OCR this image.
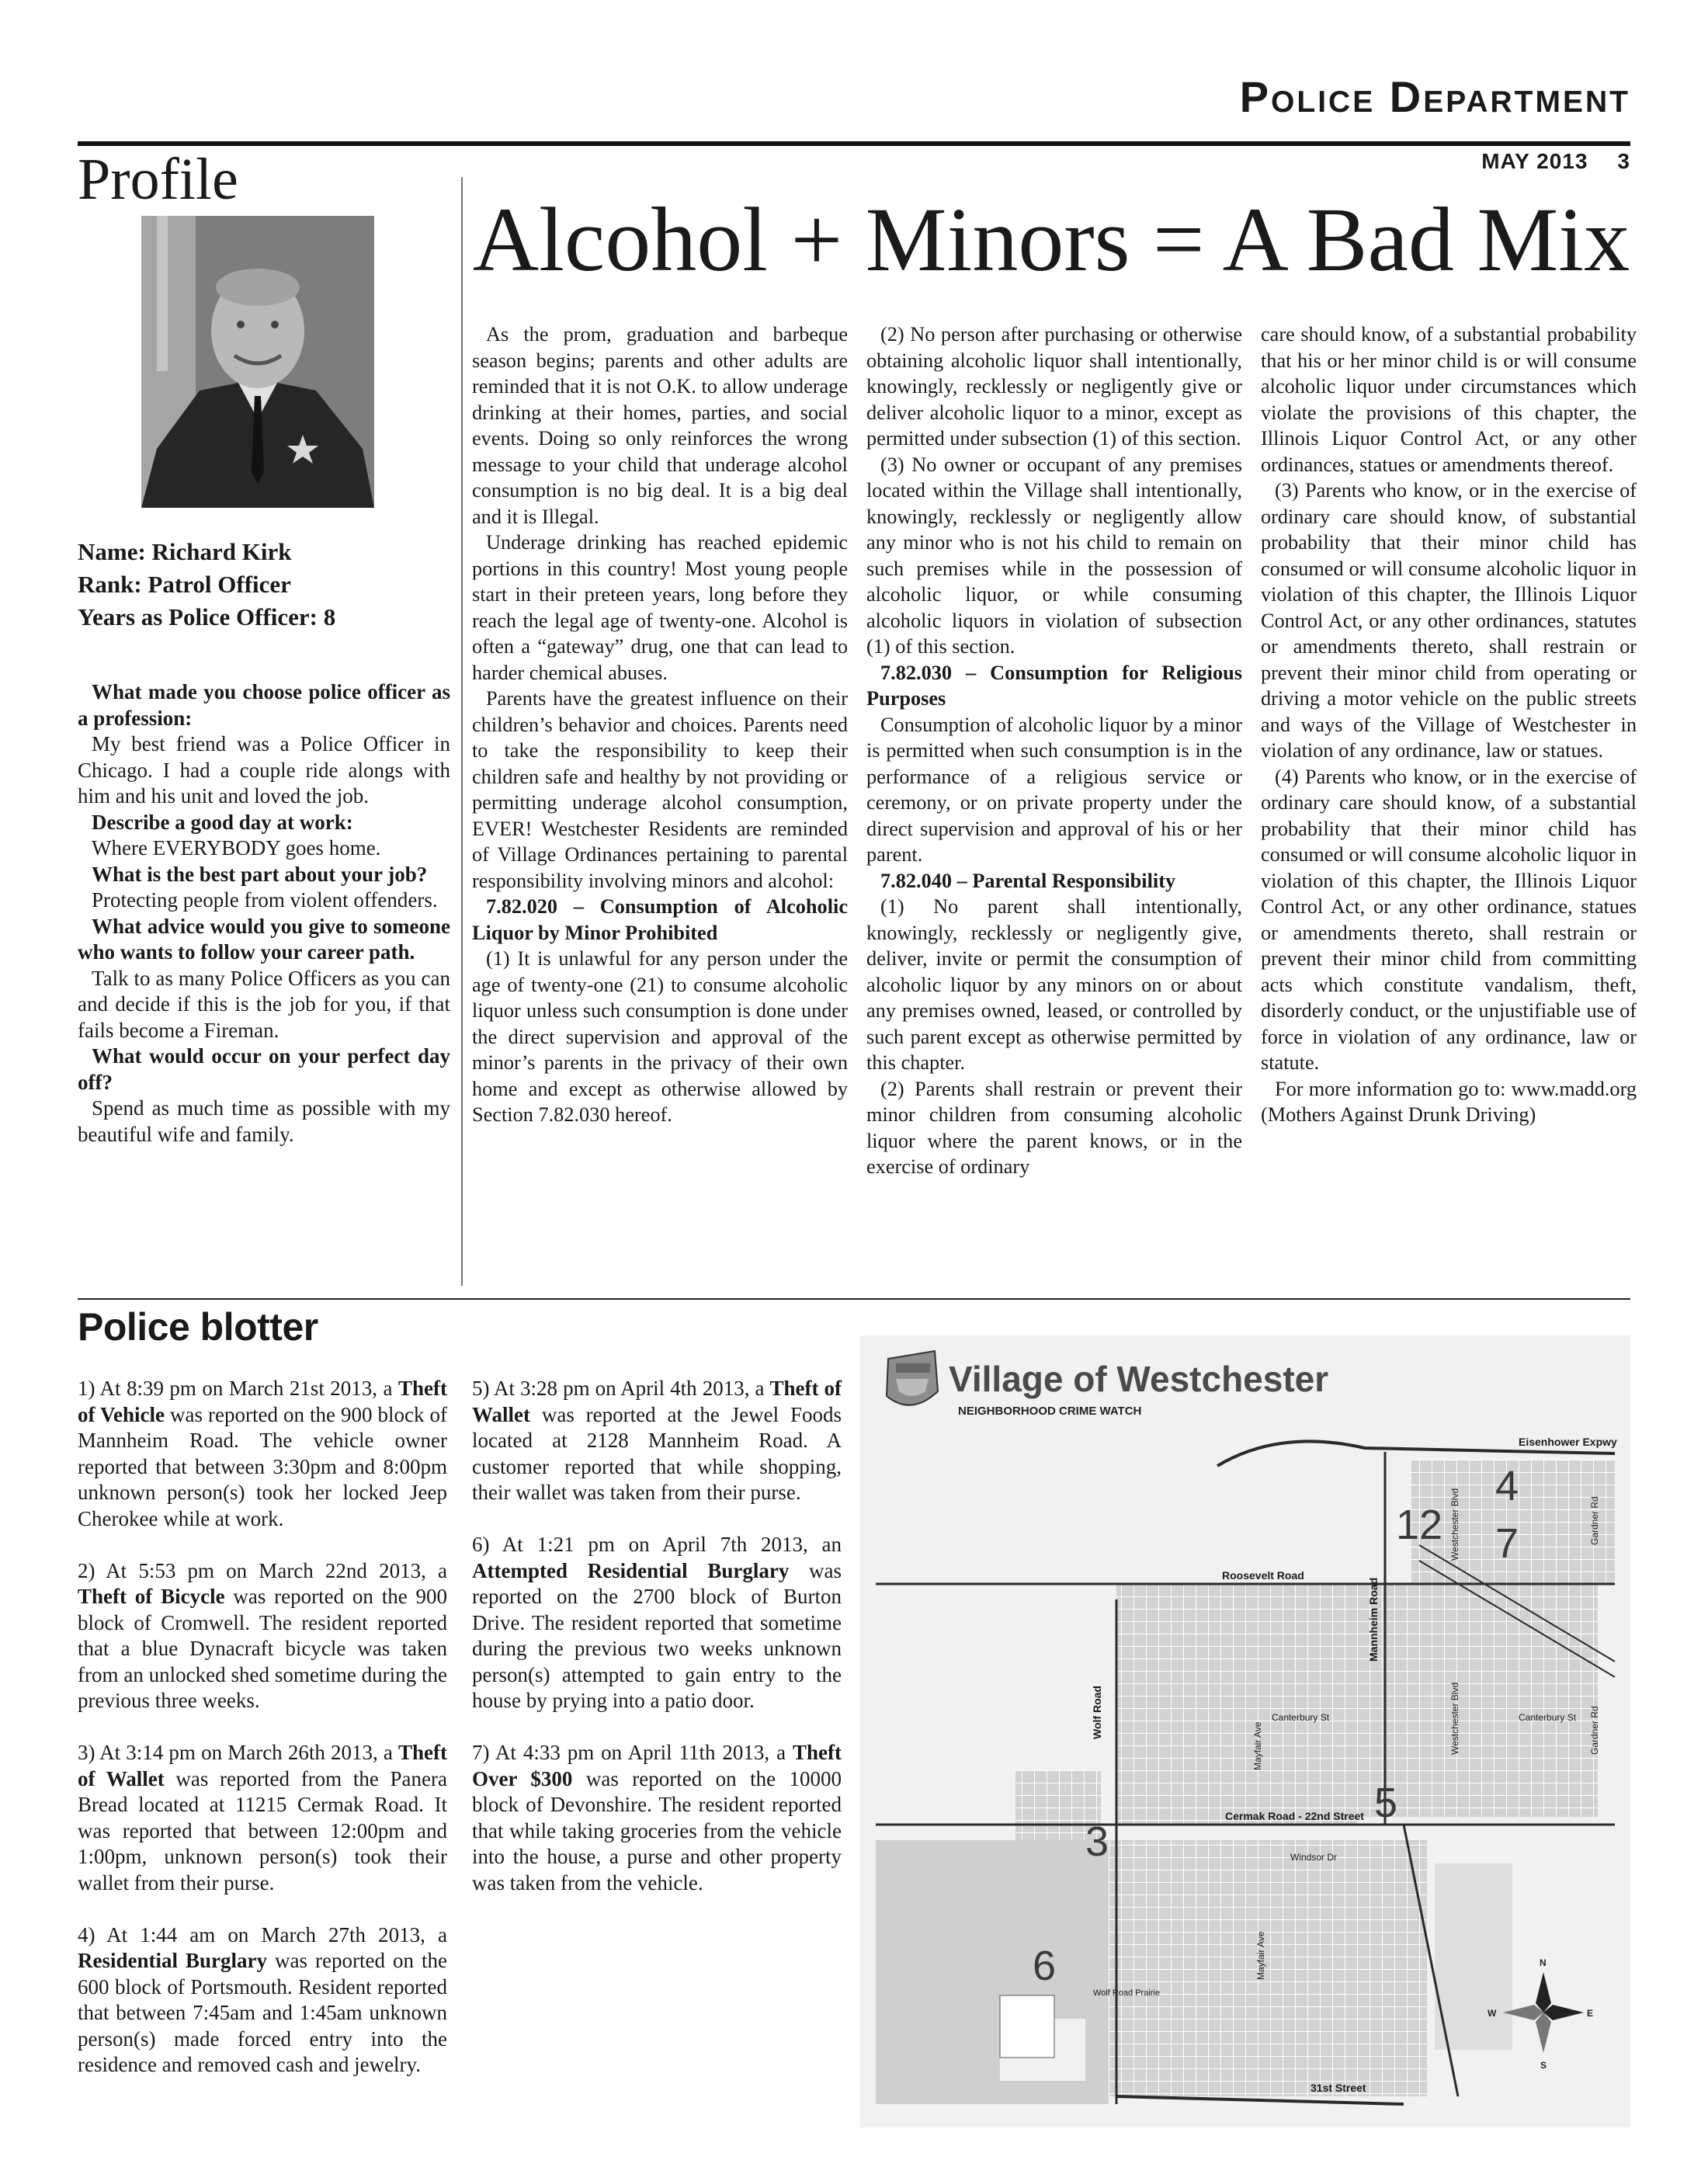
Police Department
MAY 2013 3
Profile
Name: Richard Kirk
Rank: Patrol Officer
Years as Police Officer: 8

What made you choose police officer as a profession:

My best friend was a Police Officer in Chicago. I had a couple ride alongs with him and his unit and loved the job.

Describe a good day at work:

Where EVERYBODY goes home.

What is the best part about your job?

Protecting people from violent offenders.

What advice would you give to someone who wants to follow your career path.

Talk to as many Police Officers as you can and decide if this is the job for you, if that fails become a Fireman.

What would occur on your perfect day off?

Spend as much time as possible with my beautiful wife and family.

Alcohol + Minors = A Bad Mix

As the prom, graduation and barbeque season begins; parents and other adults are reminded that it is not O.K. to allow underage drinking at their homes, parties, and social events. Doing so only reinforces the wrong message to your child that underage alcohol consumption is no big deal. It is a big deal and it is Illegal.

Underage drinking has reached epidemic portions in this country! Most young people start in their preteen years, long before they reach the legal age of twenty-one. Alcohol is often a “gateway” drug, one that can lead to harder chemical abuses.

Parents have the greatest influence on their children’s behavior and choices. Parents need to take the responsibility to keep their children safe and healthy by not providing or permitting underage alcohol consumption, EVER! Westchester Residents are reminded of Village Ordinances pertaining to parental responsibility involving minors and alcohol:

7.82.020 – Consumption of Alcoholic Liquor by Minor Prohibited

(1) It is unlawful for any person under the age of twenty-one (21) to consume alcoholic liquor unless such consumption is done under the direct supervision and approval of the minor’s parents in the privacy of their own home and except as otherwise allowed by Section 7.82.030 hereof.

(2) No person after purchasing or otherwise obtaining alcoholic liquor shall intentionally, knowingly, recklessly or negligently give or deliver alcoholic liquor to a minor, except as permitted under subsection (1) of this section.

(3) No owner or occupant of any premises located within the Village shall intentionally, knowingly, recklessly or negligently allow any minor who is not his child to remain on such premises while in the possession of alcoholic liquor, or while consuming alcoholic liquors in violation of subsection (1) of this section.

7.82.030 – Consumption for Religious Purposes

Consumption of alcoholic liquor by a minor is permitted when such consumption is in the performance of a religious service or ceremony, or on private property under the direct supervision and approval of his or her parent.

7.82.040 – Parental Responsibility

(1) No parent shall intentionally, knowingly, recklessly or negligently give, deliver, invite or permit the consumption of alcoholic liquor by any minors on or about any premises owned, leased, or controlled by such parent except as otherwise permitted by this chapter.

(2) Parents shall restrain or prevent their minor children from consuming alcoholic liquor where the parent knows, or in the exercise of ordinary

care should know, of a substantial probability that his or her minor child is or will consume alcoholic liquor under circumstances which violate the provisions of this chapter, the Illinois Liquor Control Act, or any other ordinances, statues or amendments thereof.

(3) Parents who know, or in the exercise of ordinary care should know, of substantial probability that their minor child has consumed or will consume alcoholic liquor in violation of this chapter, the Illinois Liquor Control Act, or any other ordinances, statutes or amendments thereto, shall restrain or prevent their minor child from operating or driving a motor vehicle on the public streets and ways of the Village of Westchester in violation of any ordinance, law or statues.

(4) Parents who know, or in the exercise of ordinary care should know, of a substantial probability that their minor child has consumed or will consume alcoholic liquor in violation of this chapter, the Illinois Liquor Control Act, or any other ordinance, statues or amendments thereto, shall restrain or prevent their minor child from committing acts which constitute vandalism, theft, disorderly conduct, or the unjustifiable use of force in violation of any ordinance, law or statute.

For more information go to: www.madd.org (Mothers Against Drunk Driving)

Police blotter

1) At 8:39 pm on March 21st 2013, a Theft of Vehicle was reported on the 900 block of Mannheim Road. The vehicle owner reported that between 3:30pm and 8:00pm unknown person(s) took her locked Jeep Cherokee while at work.

2) At 5:53 pm on March 22nd 2013, a Theft of Bicycle was reported on the 900 block of Cromwell. The resident reported that a blue Dynacraft bicycle was taken from an unlocked shed sometime during the previous three weeks.

3) At 3:14 pm on March 26th 2013, a Theft of Wallet was reported from the Panera Bread located at 11215 Cermak Road. It was reported that between 12:00pm and 1:00pm, unknown person(s) took their wallet from their purse.

4) At 1:44 am on March 27th 2013, a Residential Burglary was reported on the 600 block of Portsmouth. Resident reported that between 7:45am and 1:45am unknown person(s) made forced entry into the residence and removed cash and jewelry.

5) At 3:28 pm on April 4th 2013, a Theft of Wallet was reported at the Jewel Foods located at 2128 Mannheim Road. A customer reported that while shopping, their wallet was taken from their purse.

6) At 1:21 pm on April 7th 2013, an Attempted Residential Burglary was reported on the 2700 block of Burton Drive. The resident reported that sometime during the previous two weeks unknown person(s) attempted to gain entry to the house by prying into a patio door.

7) At 4:33 pm on April 11th 2013, a Theft Over $300 was reported on the 10000 block of Devonshire. The resident reported that while taking groceries from the vehicle into the house, a purse and other property was taken from the vehicle.

Village of Westchester
NEIGHBORHOOD CRIME WATCH
Eisenhower Expwy
Roosevelt Road
Cermak Road - 22nd Street
31st Street
Wolf Road
Mannheim Road
Mayfair Ave
Mayfair Ave
Westchester Blvd
Westchester Blvd
Gardner Rd
Gardner Rd
Canterbury St	Canterbury St
Windsor Dr
Wolf Road Prairie
4
12 7
5
3
6	N
S
E
W
